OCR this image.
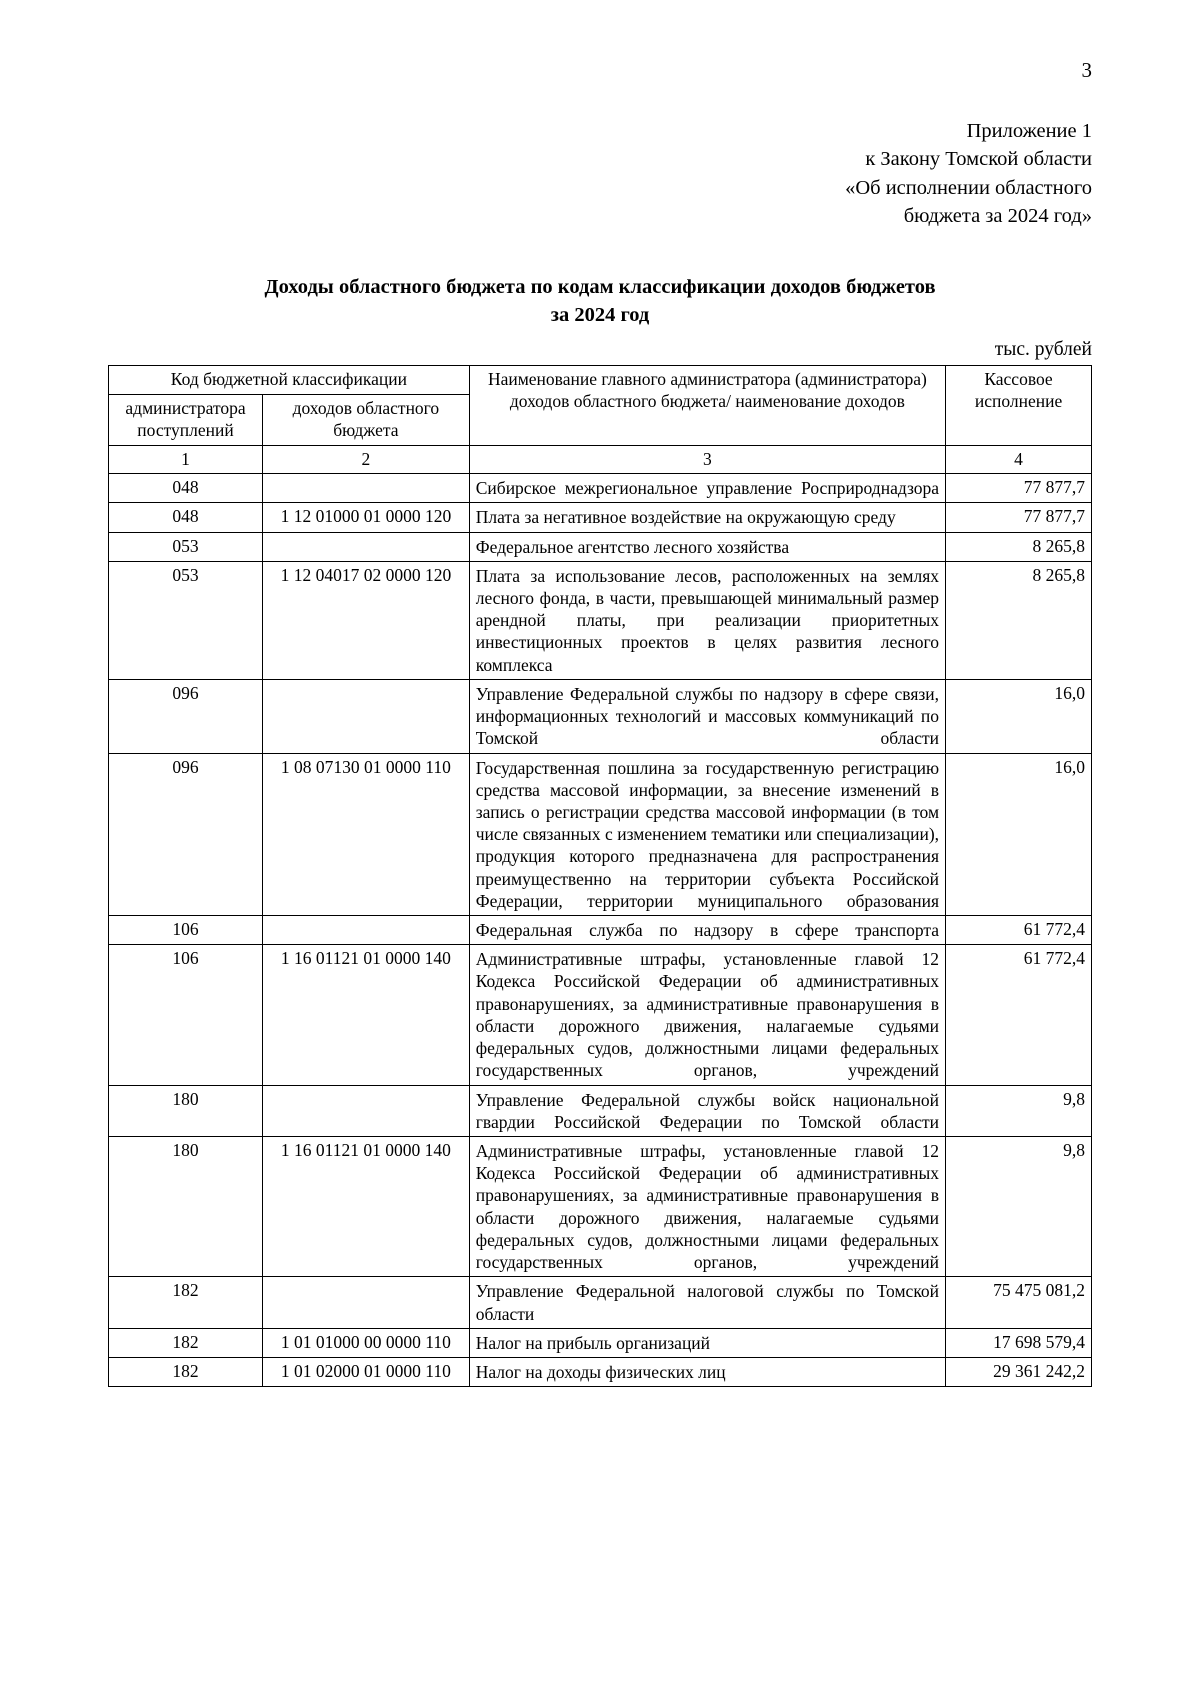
3
Приложение 1
к Закону Томской области
«Об исполнении областного
бюджета за 2024 год»
Доходы областного бюджета по кодам классификации доходов бюджетов
за 2024 год
тыс. рублей
Код бюджетной классификации		Наименование главного администратора (администратора) доходов областного бюджета/ наименование доходов	Кассовое исполнение
администратора поступлений	доходов областного бюджета		
1	2	3	4
048		Сибирское межрегиональное управление Росприроднадзора	77 877,7
048	1 12 01000 01 0000 120	Плата за негативное воздействие на окружающую среду	77 877,7
053		Федеральное агентство лесного хозяйства	8 265,8
053	1 12 04017 02 0000 120	Плата за использование лесов, расположенных на землях лесного фонда, в части, превышающей минимальный размер арендной платы, при реализации приоритетных инвестиционных проектов в целях развития лесного комплекса	8 265,8
096		Управление Федеральной службы по надзору в сфере связи, информационных технологий и массовых коммуникаций по Томской области	16,0
096	1 08 07130 01 0000 110	Государственная пошлина за государственную регистрацию средства массовой информации, за внесение изменений в запись о регистрации средства массовой информации (в том числе связанных с изменением тематики или специализации), продукция которого предназначена для распространения преимущественно на территории субъекта Российской Федерации, территории муниципального образования	16,0
106		Федеральная служба по надзору в сфере транспорта	61 772,4
106	1 16 01121 01 0000 140	Административные штрафы, установленные главой 12 Кодекса Российской Федерации об административных правонарушениях, за административные правонарушения в области дорожного движения, налагаемые судьями федеральных судов, должностными лицами федеральных государственных органов, учреждений	61 772,4
180		Управление Федеральной службы войск национальной гвардии Российской Федерации по Томской области	9,8
180	1 16 01121 01 0000 140	Административные штрафы, установленные главой 12 Кодекса Российской Федерации об административных правонарушениях, за административные правонарушения в области дорожного движения, налагаемые судьями федеральных судов, должностными лицами федеральных государственных органов, учреждений	9,8
182		Управление Федеральной налоговой службы по Томской области	75 475 081,2
182	1 01 01000 00 0000 110	Налог на прибыль организаций	17 698 579,4
182	1 01 02000 01 0000 110	Налог на доходы физических лиц	29 361 242,2
